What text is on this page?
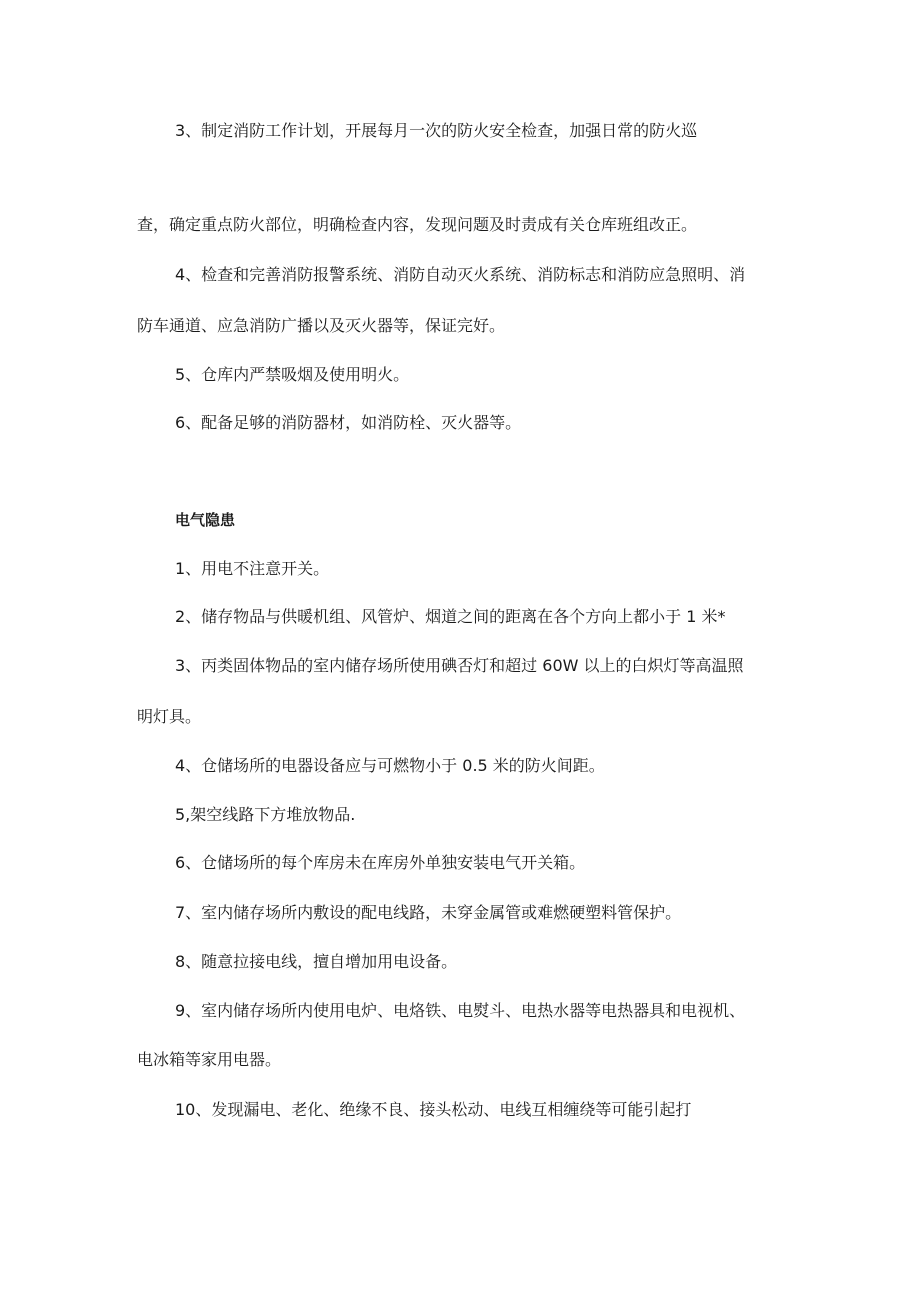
3、制定消防工作计划，开展每月一次的防火安全检查，加强日常的防火巡
查，确定重点防火部位，明确检查内容，发现问题及时责成有关仓库班组改正。
4、检查和完善消防报警系统、消防自动灭火系统、消防标志和消防应急照明、消
防车通道、应急消防广播以及灭火器等，保证完好。
5、仓库内严禁吸烟及使用明火。
6、配备足够的消防器材，如消防栓、灭火器等。
电气隐患
1、用电不注意开关。
2、储存物品与供暖机组、风管炉、烟道之间的距离在各个方向上都小于 1 米*
3、丙类固体物品的室内储存场所使用碘否灯和超过 60W 以上的白炽灯等高温照
明灯具。
4、仓储场所的电器设备应与可燃物小于 0.5 米的防火间距。
5,架空线路下方堆放物品.
6、仓储场所的每个库房未在库房外单独安装电气开关箱。
7、室内储存场所内敷设的配电线路，未穿金属管或难燃硬塑料管保护。
8、随意拉接电线，擅自增加用电设备。
9、室内储存场所内使用电炉、电烙铁、电熨斗、电热水器等电热器具和电视机、
电冰箱等家用电器。
10、发现漏电、老化、绝缘不良、接头松动、电线互相缠绕等可能引起打
